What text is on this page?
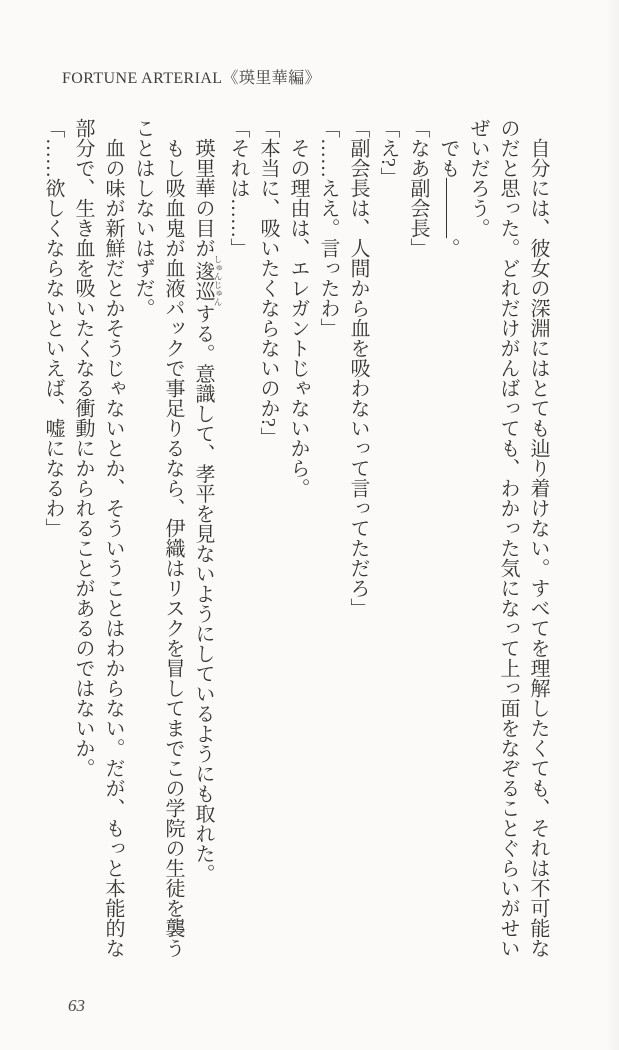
FORTUNE ARTERIAL《瑛里華編》

自分には、彼女の深淵にはとても辿り着けない。すべてを理解したくても、それは不可能な

のだと思った。どれだけがんばっても、わかった気になって上っ面をなぞることぐらいがせい

ぜいだろう。

でも―――。

「なあ副会長」

「え?」

「副会長は、人間から血を吸わないって言ってただろ」

「……ええ。言ったわ」

その理由は、エレガントじゃないから。

「本当に、吸いたくならないのか?」

「それは……」

瑛里華の目が逡巡 しゅんじゅんする。意識して、孝平を見ないようにしているようにも取れた。

もし吸血鬼が血液パックで事足りるなら、伊織はリスクを冒してまでこの学院の生徒を襲う

ことはしないはずだ。

血の味が新鮮だとかそうじゃないとか、そういうことはわからない。だが、もっと本能的な

部分で、生き血を吸いたくなる衝動にかられることがあるのではないか。

「……欲しくならないといえば、嘘になるわ」

63
